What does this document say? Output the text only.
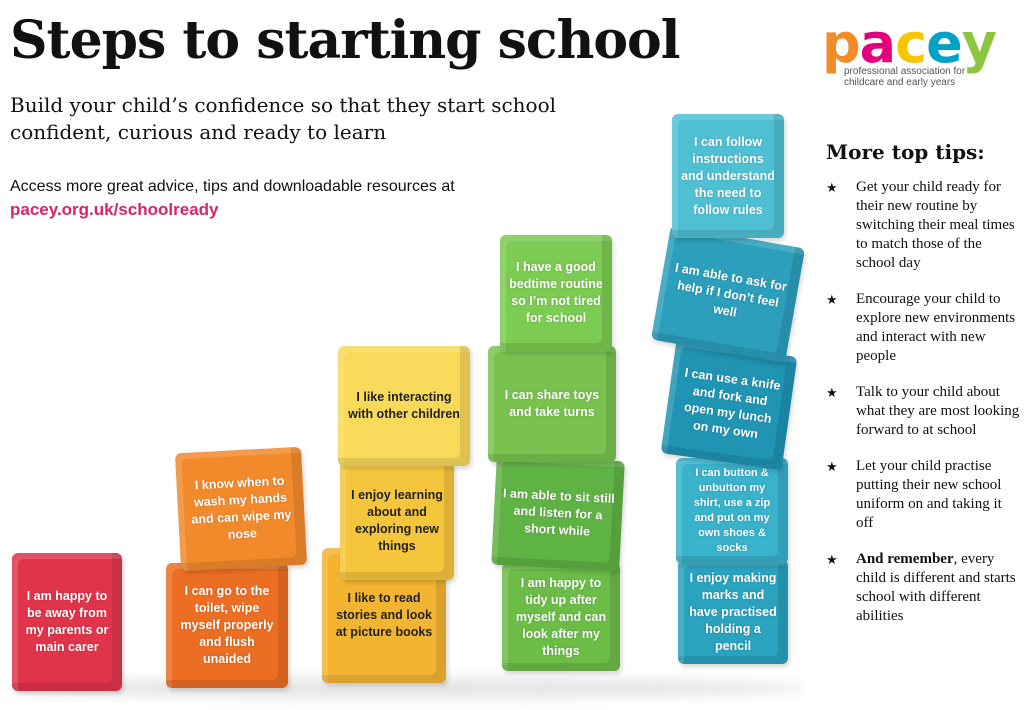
Steps to starting school
Build your child’s confidence so that they start school confident, curious and ready to learn
Access more great advice, tips and downloadable resources at
pacey.org.uk/schoolready
pacey
professional association for
childcare and early years
More top tips:
★ Get your child ready for their new routine by switching their meal times to match those of the school day
★ Encourage your child to explore new environments and interact with new people
★ Talk to your child about what they are most looking forward to at school
★ Let your child practise putting their new school uniform on and taking it off
★ And remember, every child is different and starts school with different abilities
I am happy to be away from my parents or main carer
I can go to the toilet, wipe myself properly and flush unaided
I know when to wash my hands and can wipe my nose
I like to read stories and look at picture books
I enjoy learning about and exploring new things
I like interacting with other children
I am happy to tidy up after myself and can look after my things
I am able to sit still and listen for a short while
I can share toys and take turns
I have a good bedtime routine so I’m not tired for school
I enjoy making marks and have practised holding a pencil
I can button & unbutton my shirt, use a zip and put on my own shoes & socks
I can use a knife and fork and open my lunch on my own
I am able to ask for help if I don’t feel well
I can follow instructions and understand the need to follow rules
